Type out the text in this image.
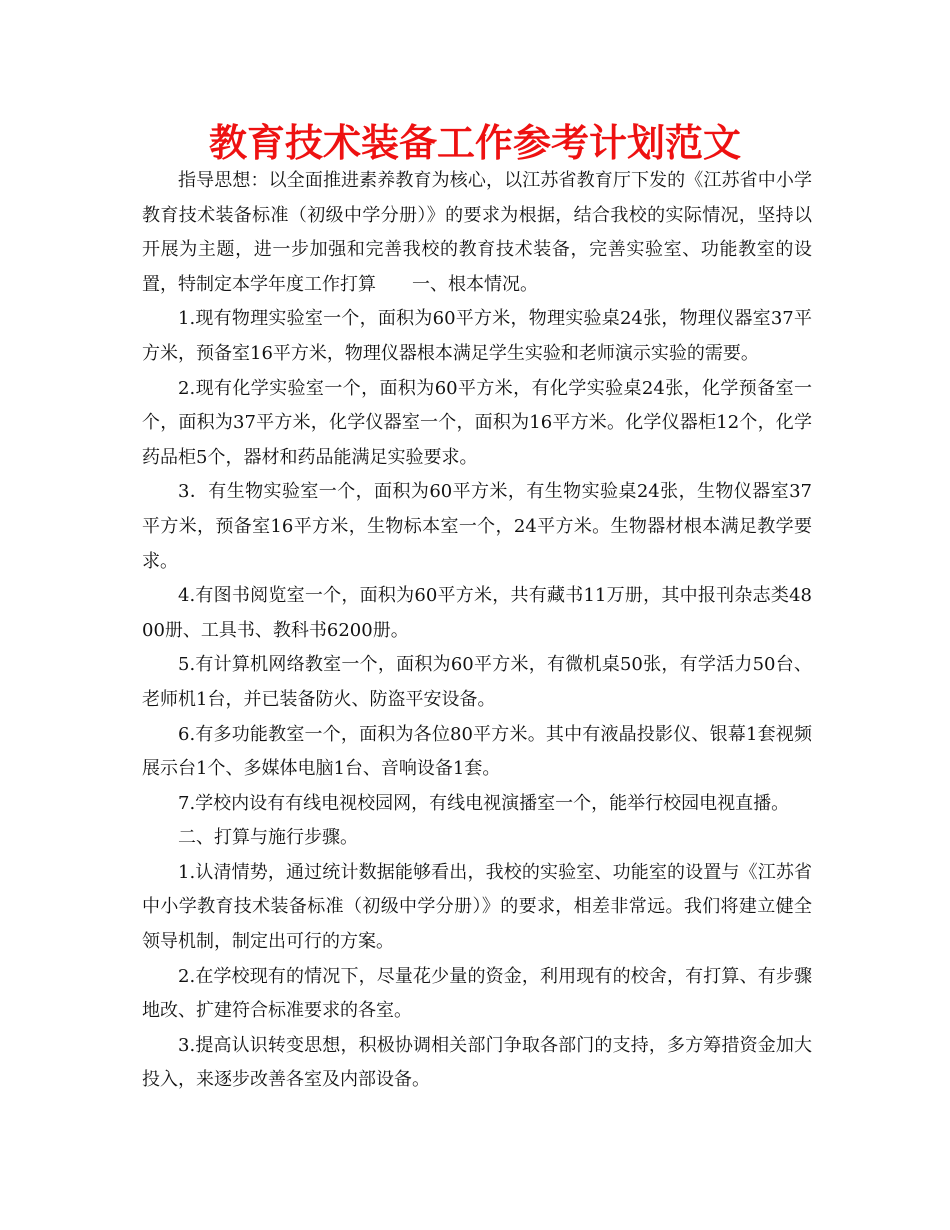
教育技术装备工作参考计划范文

指导思想：以全面推进素养教育为核心，以江苏省教育厅下发的《江苏省中小学教育技术装备标准（初级中学分册）》的要求为根据，结合我校的实际情况，坚持以开展为主题，进一步加强和完善我校的教育技术装备，完善实验室、功能教室的设置，特制定本学年度工作打算　　一、根本情况。

1.现有物理实验室一个，面积为60平方米，物理实验桌24张，物理仪器室37平方米，预备室16平方米，物理仪器根本满足学生实验和老师演示实验的需要。

2.现有化学实验室一个，面积为60平方米，有化学实验桌24张，化学预备室一个，面积为37平方米，化学仪器室一个，面积为16平方米。化学仪器柜12个，化学药品柜5个，器材和药品能满足实验要求。

3．有生物实验室一个，面积为60平方米，有生物实验桌24张，生物仪器室37平方米，预备室16平方米，生物标本室一个，24平方米。生物器材根本满足教学要求。

4.有图书阅览室一个，面积为60平方米，共有藏书11万册，其中报刊杂志类4800册、工具书、教科书6200册。

5.有计算机网络教室一个，面积为60平方米，有微机桌50张，有学活力50台、老师机1台，并已装备防火、防盗平安设备。

6.有多功能教室一个，面积为各位80平方米。其中有液晶投影仪、银幕1套视频展示台1个、多媒体电脑1台、音响设备1套。

7.学校内设有有线电视校园网，有线电视演播室一个，能举行校园电视直播。

二、打算与施行步骤。

1.认清情势，通过统计数据能够看出，我校的实验室、功能室的设置与《江苏省中小学教育技术装备标准（初级中学分册）》的要求，相差非常远。我们将建立健全领导机制，制定出可行的方案。

2.在学校现有的情况下，尽量花少量的资金，利用现有的校舍，有打算、有步骤地改、扩建符合标准要求的各室。

3.提高认识转变思想，积极协调相关部门争取各部门的支持，多方筹措资金加大投入，来逐步改善各室及内部设备。
